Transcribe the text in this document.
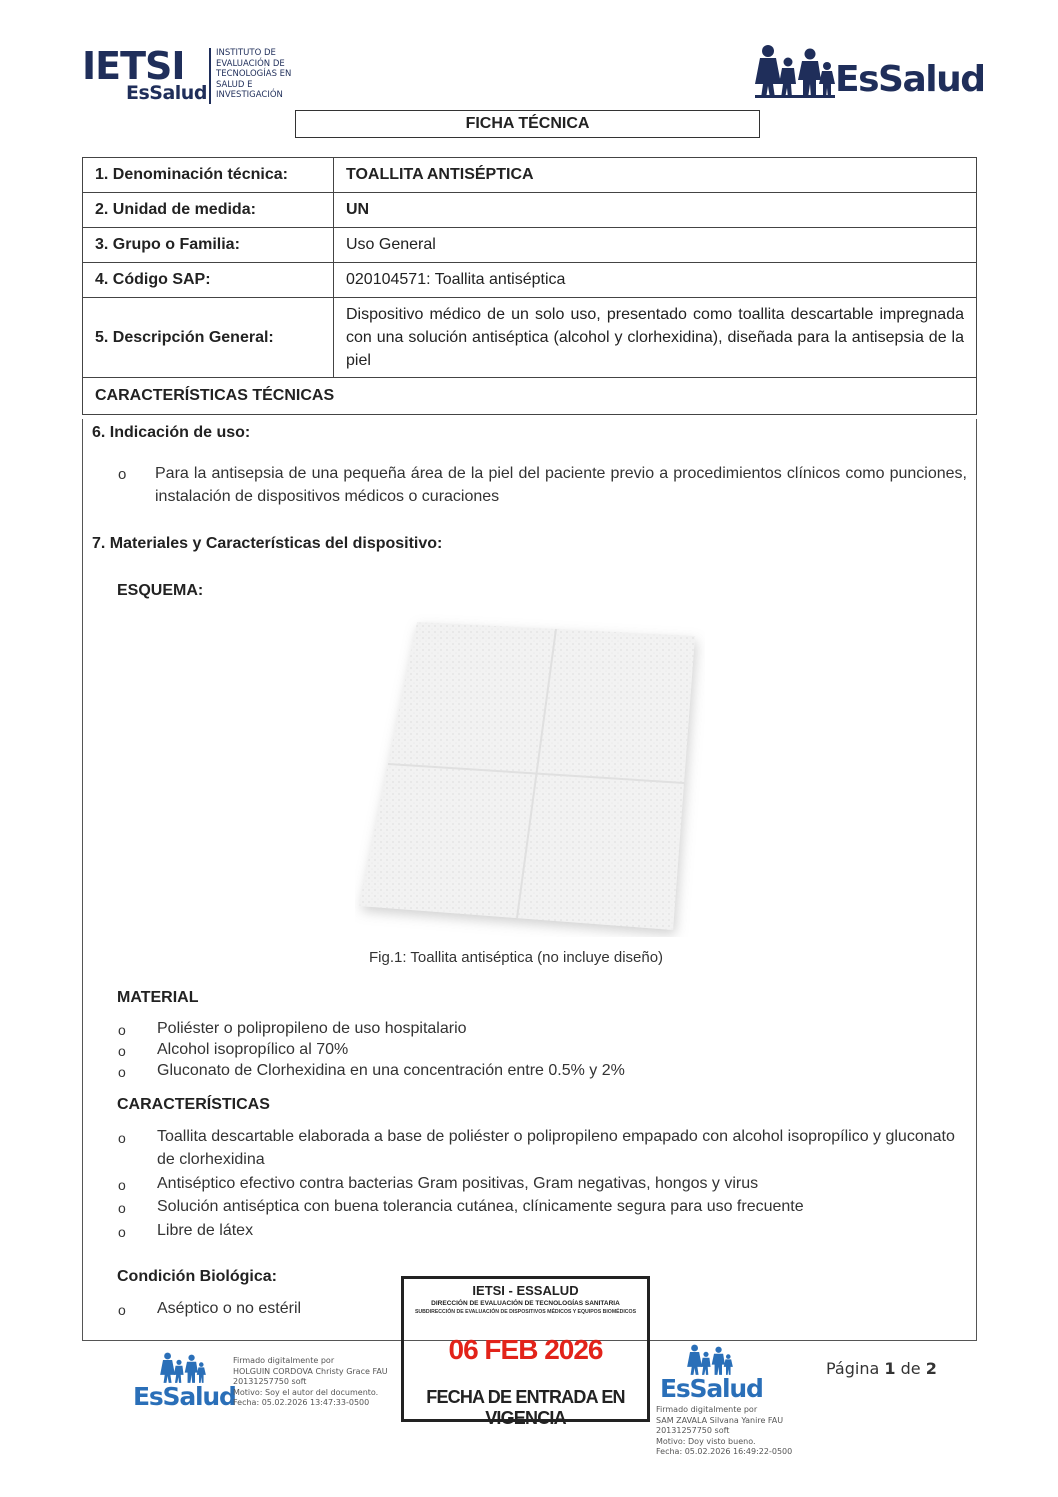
IETSI
EsSalud
INSTITUTO DE
EVALUACIÓN DE
TECNOLOGÍAS EN
SALUD E
INVESTIGACIÓN	EsSalud
FICHA TÉCNICA
1. Denominación técnica:	TOALLITA ANTISÉPTICA
2. Unidad de medida:	UN
3. Grupo o Familia:	Uso General
4. Código SAP:	020104571: Toallita antiséptica
5. Descripción General:	Dispositivo médico de un solo uso, presentado como toallita descartable impregnada con una solución antiséptica (alcohol y clorhexidina), diseñada para la antisepsia de la piel
CARACTERÍSTICAS TÉCNICAS	
6. Indicación de uso:
o Para la antisepsia de una pequeña área de la piel del paciente previo a procedimientos clínicos como punciones, instalación de dispositivos médicos o curaciones
7. Materiales y Características del dispositivo:
ESQUEMA:
Fig.1: Toallita antiséptica (no incluye diseño)
MATERIAL
o Poliéster o polipropileno de uso hospitalario
o Alcohol isopropílico al 70%
o Gluconato de Clorhexidina en una concentración entre 0.5% y 2%
CARACTERÍSTICAS
o Toallita descartable elaborada a base de poliéster o polipropileno empapado con alcohol isopropílico y gluconato de clorhexidina
o Antiséptico efectivo contra bacterias Gram positivas, Gram negativas, hongos y virus
o Solución antiséptica con buena tolerancia cutánea, clínicamente segura para uso frecuente
o Libre de látex
Condición Biológica:
o Aséptico o no estéril
EsSalud
Firmado digitalmente por
HOLGUIN CORDOVA Christy Grace FAU
20131257750 soft
Motivo: Soy el autor del documento.
Fecha: 05.02.2026 13:47:33-0500
IETSI - ESSALUD
DIRECCIÓN DE EVALUACIÓN DE TECNOLOGÍAS SANITARIA
SUBDIRECCIÓN DE EVALUACIÓN DE DISPOSITIVOS MÉDICOS Y EQUIPOS BIOMÉDICOS
06 FEB 2026
FECHA DE ENTRADA EN VIGENCIA
EsSalud
Firmado digitalmente por
SAM ZAVALA Silvana Yanire FAU
20131257750 soft
Motivo: Doy visto bueno.
Fecha: 05.02.2026 16:49:22-0500
Página 1 de 2
